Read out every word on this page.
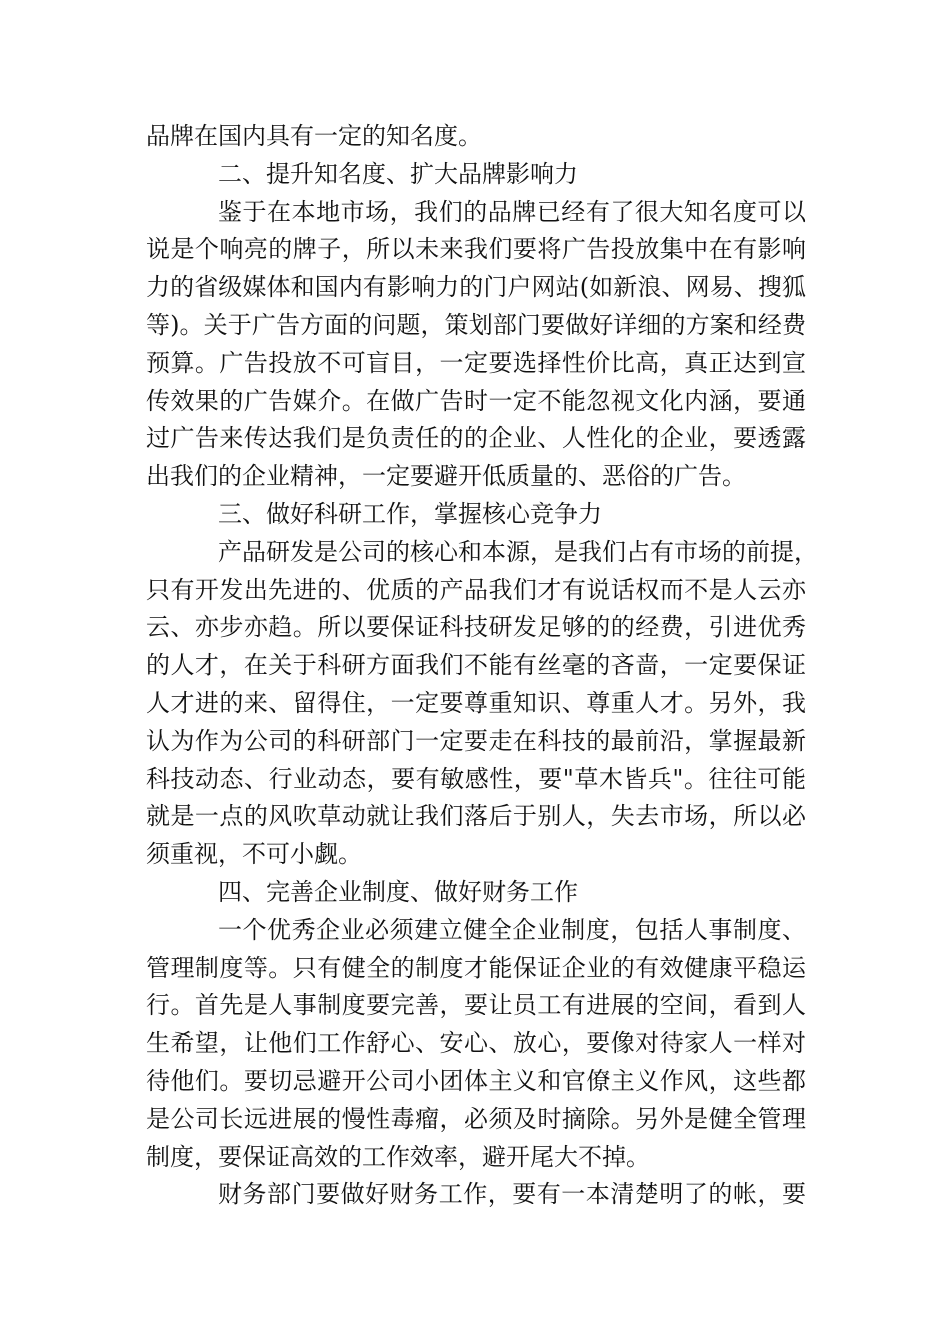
品牌在国内具有一定的知名度。
二、提升知名度、扩大品牌影响力
鉴于在本地市场，我们的品牌已经有了很大知名度可以
说是个响亮的牌子，所以未来我们要将广告投放集中在有影响
力的省级媒体和国内有影响力的门户网站(如新浪、网易、搜狐
等)。关于广告方面的问题，策划部门要做好详细的方案和经费
预算。广告投放不可盲目，一定要选择性价比高，真正达到宣
传效果的广告媒介。在做广告时一定不能忽视文化内涵，要通
过广告来传达我们是负责任的的企业、人性化的企业，要透露
出我们的企业精神，一定要避开低质量的、恶俗的广告。
三、做好科研工作，掌握核心竞争力
产品研发是公司的核心和本源，是我们占有市场的前提，
只有开发出先进的、优质的产品我们才有说话权而不是人云亦
云、亦步亦趋。所以要保证科技研发足够的的经费，引进优秀
的人才，在关于科研方面我们不能有丝毫的吝啬，一定要保证
人才进的来、留得住，一定要尊重知识、尊重人才。另外，我
认为作为公司的科研部门一定要走在科技的最前沿，掌握最新
科技动态、行业动态，要有敏感性，要"草木皆兵"。往往可能
就是一点的风吹草动就让我们落后于别人，失去市场，所以必
须重视，不可小觑。
四、完善企业制度、做好财务工作
一个优秀企业必须建立健全企业制度，包括人事制度、
管理制度等。只有健全的制度才能保证企业的有效健康平稳运
行。首先是人事制度要完善，要让员工有进展的空间，看到人
生希望，让他们工作舒心、安心、放心，要像对待家人一样对
待他们。要切忌避开公司小团体主义和官僚主义作风，这些都
是公司长远进展的慢性毒瘤，必须及时摘除。另外是健全管理
制度，要保证高效的工作效率，避开尾大不掉。
财务部门要做好财务工作，要有一本清楚明了的帐，要
